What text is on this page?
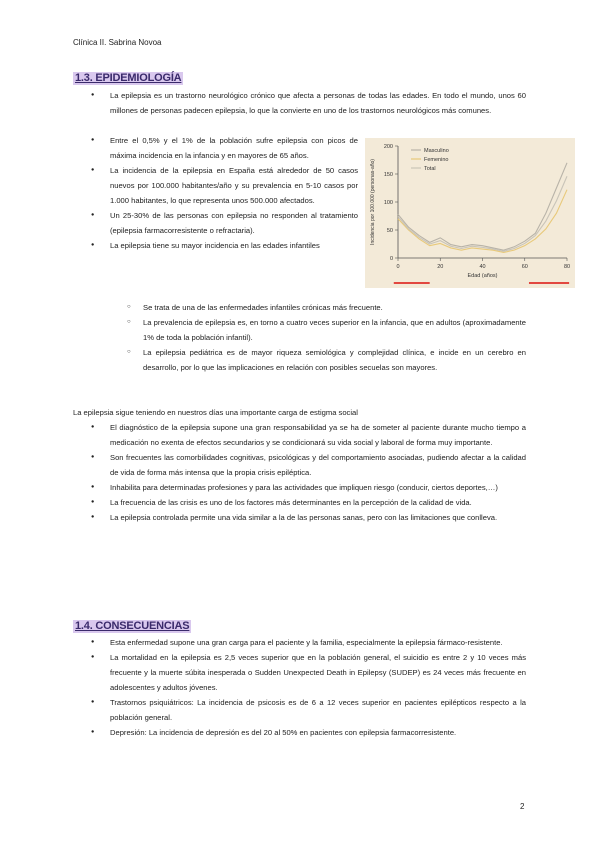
Clínica II. Sabrina Novoa
1.3. EPIDEMIOLOGÍA
● La epilepsia es un trastorno neurológico crónico que afecta a personas de todas las edades. En todo el mundo, unos 60 millones de personas padecen epilepsia, lo que la convierte en uno de los trastornos neurológicos más comunes.
● Entre el 0,5% y el 1% de la población sufre epilepsia con picos de máxima incidencia en la infancia y en mayores de 65 años.
● La incidencia de la epilepsia en España está alrededor de 50 casos nuevos por 100.000 habitantes/año y su prevalencia en 5-10 casos por 1.000 habitantes, lo que representa unos 500.000 afectados.
● Un 25-30% de las personas con epilepsia no responden al tratamiento (epilepsia farmacorresistente o refractaria).
● La epilepsia tiene su mayor incidencia en las edades infantiles
0
50
100
150
200
0	20	40	60	80
Edad (años)
Incidencia por 100.000 (personas-año)
Masculino
Femenino
Total
○ Se trata de una de las enfermedades infantiles crónicas más frecuente.
○ La prevalencia de epilepsia es, en torno a cuatro veces superior en la infancia, que en adultos (aproximadamente 1% de toda la población infantil).
○ La epilepsia pediátrica es de mayor riqueza semiológica y complejidad clínica, e incide en un cerebro en desarrollo, por lo que las implicaciones en relación con posibles secuelas son mayores.
La epilepsia sigue teniendo en nuestros días una importante carga de estigma social
● El diagnóstico de la epilepsia supone una gran responsabilidad ya se ha de someter al paciente durante mucho tiempo a medicación no exenta de efectos secundarios y se condicionará su vida social y laboral de forma muy importante.
● Son frecuentes las comorbilidades cognitivas, psicológicas y del comportamiento asociadas, pudiendo afectar a la calidad de vida de forma más intensa que la propia crisis epiléptica.
● Inhabilita para determinadas profesiones y para las actividades que impliquen riesgo (conducir, ciertos deportes,…)
● La frecuencia de las crisis es uno de los factores más determinantes en la percepción de la calidad de vida.
● La epilepsia controlada permite una vida similar a la de las personas sanas, pero con las limitaciones que conlleva.
1.4. CONSECUENCIAS
● Esta enfermedad supone una gran carga para el paciente y la familia, especialmente la epilepsia fármaco-resistente.
● La mortalidad en la epilepsia es 2,5 veces superior que en la población general, el suicidio es entre 2 y 10 veces más frecuente y la muerte súbita inesperada o Sudden Unexpected Death in Epilepsy (SUDEP) es 24 veces más frecuente en adolescentes y adultos jóvenes.
● Trastornos psiquiátricos: La incidencia de psicosis es de 6 a 12 veces superior en pacientes epilépticos respecto a la población general.
● Depresión: La incidencia de depresión es del 20 al 50% en pacientes con epilepsia farmacorresistente.
2
